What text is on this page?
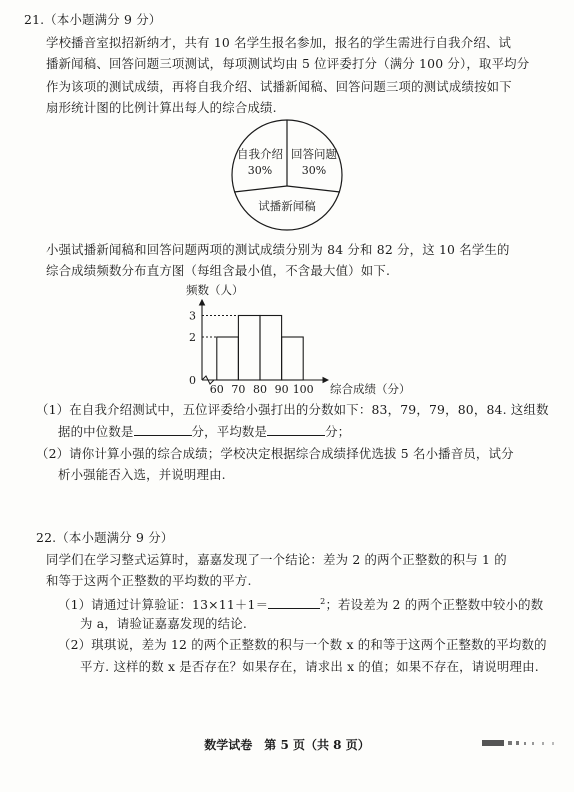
21.（本小题满分 9 分）
学校播音室拟招新纳才，共有 10 名学生报名参加，报名的学生需进行自我介绍、试
播新闻稿、回答问题三项测试，每项测试均由 5 位评委打分（满分 100 分），取平均分
作为该项的测试成绩，再将自我介绍、试播新闻稿、回答问题三项的测试成绩按如下
扇形统计图的比例计算出每人的综合成绩.
自我介绍
30%
回答问题
30%
试播新闻稿
小强试播新闻稿和回答问题两项的测试成绩分别为 84 分和 82 分，这 10 名学生的
综合成绩频数分布直方图（每组含最小值，不含最大值）如下.
频数（人）
综合成绩（分）
0
2
3
60 70 80 90 100
（1）在自我介绍测试中，五位评委给小强打出的分数如下：83，79，79，80，84. 这组数
据的中位数是	分，平均数是	分；
（2）请你计算小强的综合成绩；学校决定根据综合成绩择优选拔 5 名小播音员，试分
析小强能否入选，并说明理由.
22.（本小题满分 9 分）
同学们在学习整式运算时，嘉嘉发现了一个结论：差为 2 的两个正整数的积与 1 的
和等于这两个正整数的平均数的平方.
（1）请通过计算验证：13×11＋1＝	$^2$；若设差为 2 的两个正整数中较小的数
为 a，请验证嘉嘉发现的结论.
（2）琪琪说，差为 12 的两个正整数的积与一个数 x 的和等于这两个正整数的平均数的
平方. 这样的数 x 是否存在？如果存在，请求出 x 的值；如果不存在，请说明理由.
数学试卷　第 5 页（共 8 页）
